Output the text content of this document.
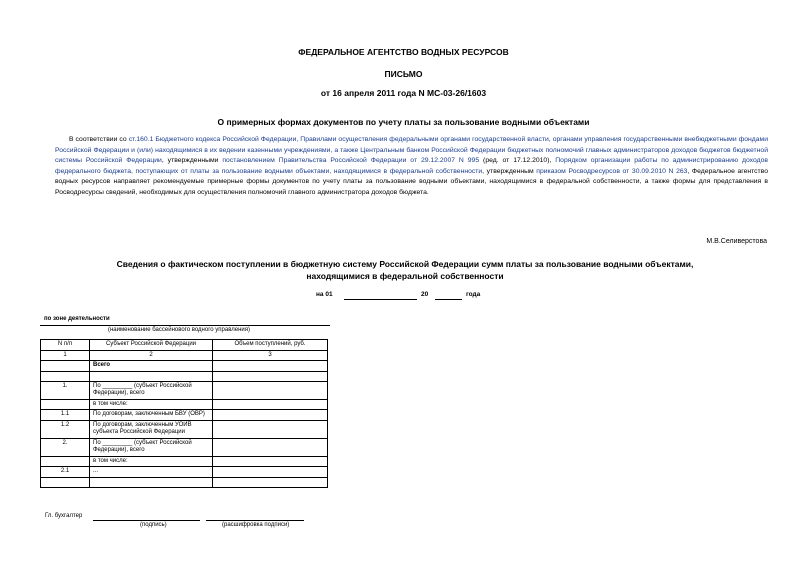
ФЕДЕРАЛЬНОЕ АГЕНТСТВО ВОДНЫХ РЕСУРСОВ
ПИСЬМО
от 16 апреля 2011 года N МС-03-26/1603
О примерных формах документов по учету платы за пользование водными объектами
В соответствии со ст.160.1 Бюджетного кодекса Российской Федерации, Правилами осуществления федеральными органами государственной власти, органами управления государственными внебюджетными фондами Российской Федерации и (или) находящимися в их ведении казенными учреждениями, а также Центральным банком Российской Федерации бюджетных полномочий главных администраторов доходов бюджетов бюджетной системы Российской Федерации, утвержденными постановлением Правительства Российской Федерации от 29.12.2007 N 995 (ред. от 17.12.2010), Порядком организации работы по администрированию доходов федерального бюджета, поступающих от платы за пользование водными объектами, находящимися в федеральной собственности, утвержденным приказом Росводресурсов от 30.09.2010 N 263, Федеральное агентство водных ресурсов направляет рекомендуемые примерные формы документов по учету платы за пользование водными объектами, находящимися в федеральной собственности, а также формы для представления в Росводресурсы сведений, необходимых для осуществления полномочий главного администратора доходов бюджета.
М.В.Селиверстова
Сведения о фактическом поступлении в бюджетную систему Российской Федерации сумм платы за пользование водными объектами, находящимися в федеральной собственности
на 01	20	года
по зоне деятельности
(наименование бассейнового водного управления)
N п/п	Субъект Российской Федерации	Объем поступлений, руб.
1	2	3
	Всего	

1.	По _________ (субъект Российской Федерации), всего	
	в том числе:	
1.1	По договорам, заключенным БВУ (ОВР)	
1.2	По договорам, заключенным УОИВ субъекта Российской Федерации	
2.	По _________ (субъект Российской Федерации), всего	
	в том числе:	
2.1	...	

Гл. бухгалтер
(подпись)	(расшифровка подписи)
